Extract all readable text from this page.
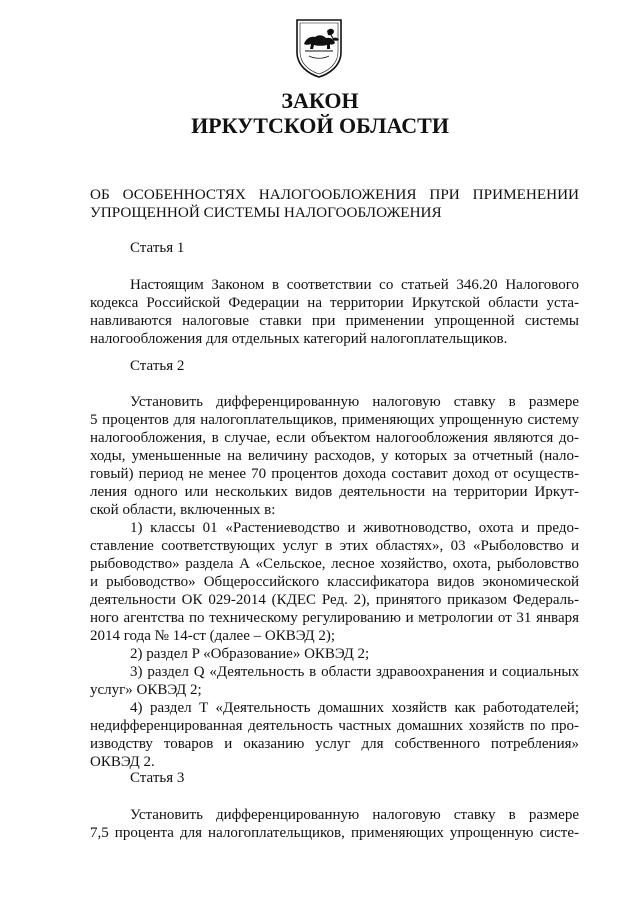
ЗАКОН
ИРКУТСКОЙ ОБЛАСТИ
ОБ ОСОБЕННОСТЯХ НАЛОГООБЛОЖЕНИЯ ПРИ ПРИМЕНЕНИИ
УПРОЩЕННОЙ СИСТЕМЫ НАЛОГООБЛОЖЕНИЯ
Статья 1
Настоящим Законом в соответствии со статьей 346.20 Налогового
кодекса Российской Федерации на территории Иркутской области уста-
навливаются налоговые ставки при применении упрощенной системы
налогообложения для отдельных категорий налогоплательщиков.
Статья 2
Установить дифференцированную налоговую ставку в размере
5 процентов для налогоплательщиков, применяющих упрощенную систему
налогообложения, в случае, если объектом налогообложения являются до-
ходы, уменьшенные на величину расходов, у которых за отчетный (нало-
говый) период не менее 70 процентов дохода составит доход от осуществ-
ления одного или нескольких видов деятельности на территории Иркут-
ской области, включенных в:
1) классы 01 «Растениеводство и животноводство, охота и предо-
ставление соответствующих услуг в этих областях», 03 «Рыболовство и
рыбоводство» раздела А «Сельское, лесное хозяйство, охота, рыболовство
и рыбоводство» Общероссийского классификатора видов экономической
деятельности ОК 029-2014 (КДЕС Ред. 2), принятого приказом Федераль-
ного агентства по техническому регулированию и метрологии от 31 января
2014 года № 14-ст (далее – ОКВЭД 2);
2) раздел P «Образование» ОКВЭД 2;
3) раздел Q «Деятельность в области здравоохранения и социальных
услуг» ОКВЭД 2;
4) раздел T «Деятельность домашних хозяйств как работодателей;
недифференцированная деятельность частных домашних хозяйств по про-
изводству товаров и оказанию услуг для собственного потребления»
ОКВЭД 2.
Статья 3
Установить дифференцированную налоговую ставку в размере
7,5 процента для налогоплательщиков, применяющих упрощенную систе-
